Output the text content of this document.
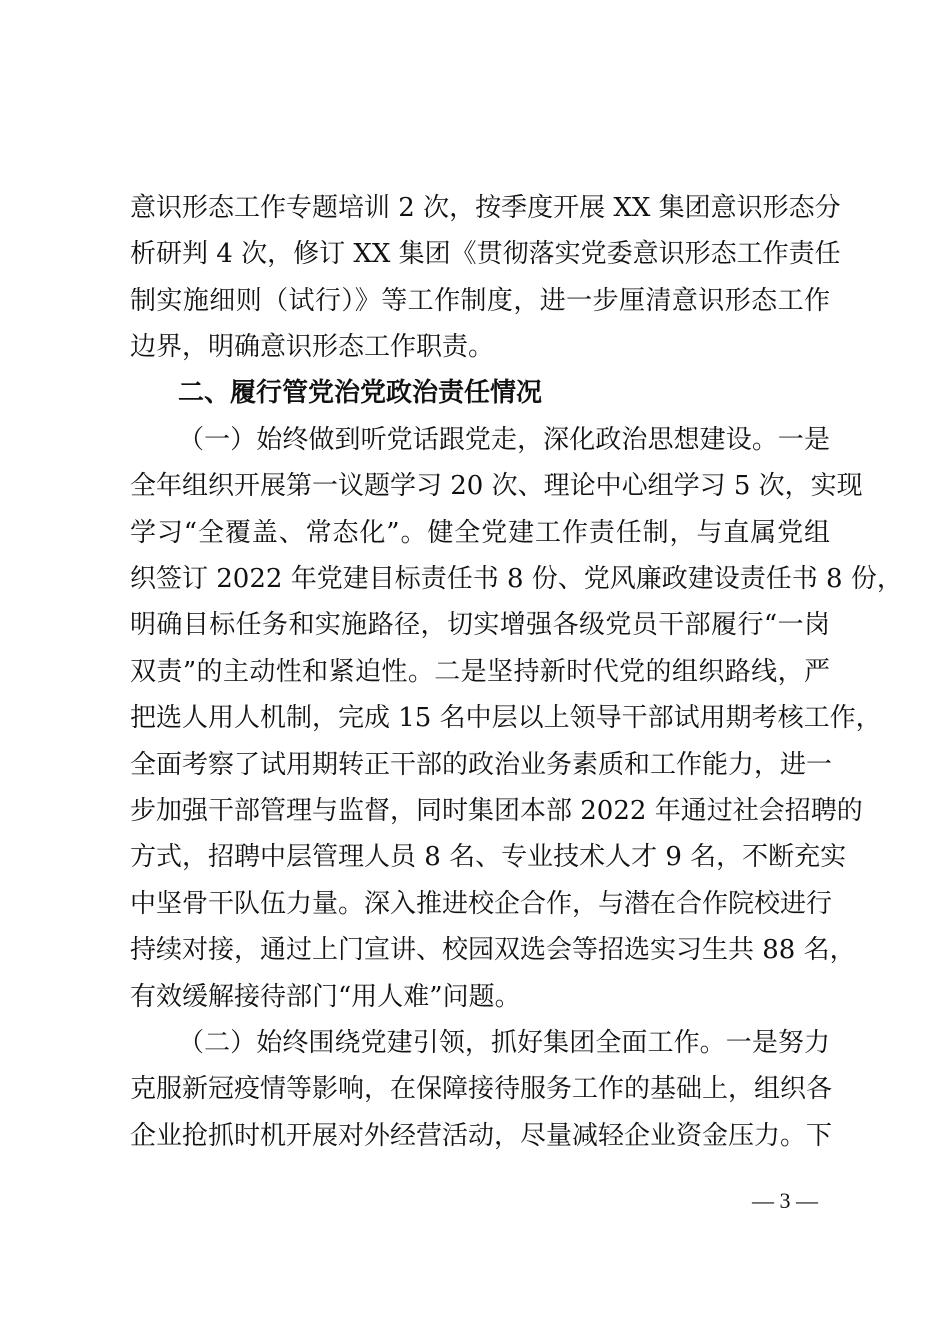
意识形态工作专题培训 2 次，按季度开展 XX 集团意识形态分
析研判 4 次，修订 XX 集团《贯彻落实党委意识形态工作责任
制实施细则（试行）》等工作制度，进一步厘清意识形态工作
边界，明确意识形态工作职责。
二、履行管党治党政治责任情况
（一）始终做到听党话跟党走，深化政治思想建设。一是
全年组织开展第一议题学习 20 次、理论中心组学习 5 次，实现
学习“全覆盖、常态化”。健全党建工作责任制，与直属党组
织签订 2022 年党建目标责任书 8 份、党风廉政建设责任书 8 份，
明确目标任务和实施路径，切实增强各级党员干部履行“一岗
双责”的主动性和紧迫性。二是坚持新时代党的组织路线，严
把选人用人机制，完成 15 名中层以上领导干部试用期考核工作，
全面考察了试用期转正干部的政治业务素质和工作能力，进一
步加强干部管理与监督，同时集团本部 2022 年通过社会招聘的
方式，招聘中层管理人员 8 名、专业技术人才 9 名，不断充实
中坚骨干队伍力量。深入推进校企合作，与潜在合作院校进行
持续对接，通过上门宣讲、校园双选会等招选实习生共 88 名，
有效缓解接待部门“用人难”问题。
（二）始终围绕党建引领，抓好集团全面工作。一是努力
克服新冠疫情等影响，在保障接待服务工作的基础上，组织各
企业抢抓时机开展对外经营活动，尽量减轻企业资金压力。下
— 3 —
